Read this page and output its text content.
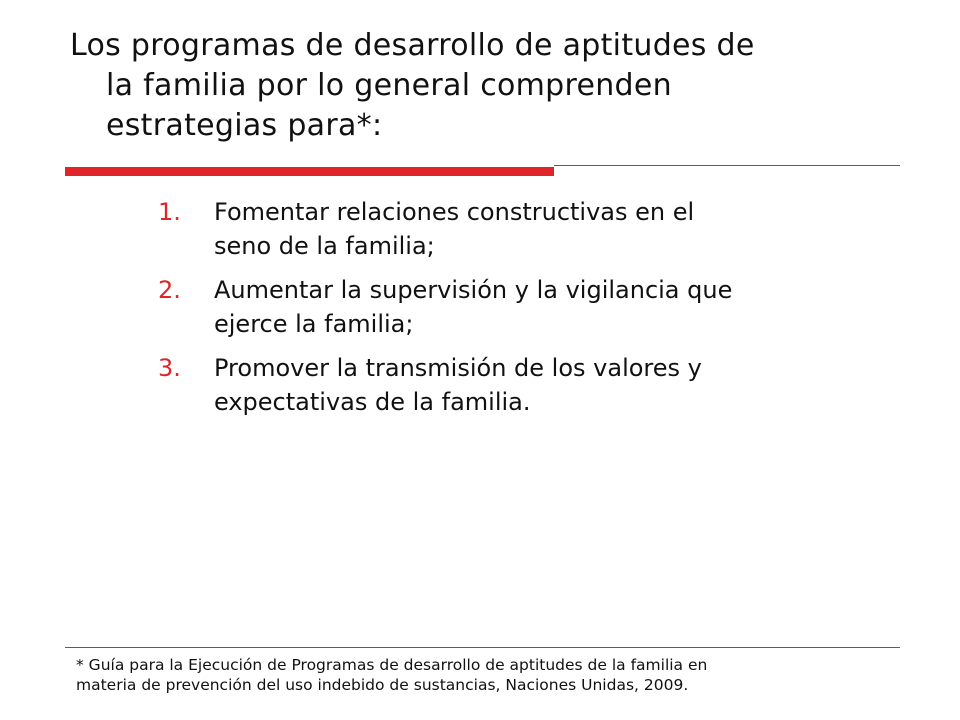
Los programas de desarrollo de aptitudes de
la familia por lo general comprenden
estrategias para*:
1.	Fomentar relaciones constructivas en el
seno de la familia;
2.	Aumentar la supervisión y la vigilancia que
ejerce la familia;
3.	Promover la transmisión de los valores y
expectativas de la familia.

* Guía para la Ejecución de Programas de desarrollo de aptitudes de la familia en
materia de prevención del uso indebido de sustancias, Naciones Unidas, 2009.
